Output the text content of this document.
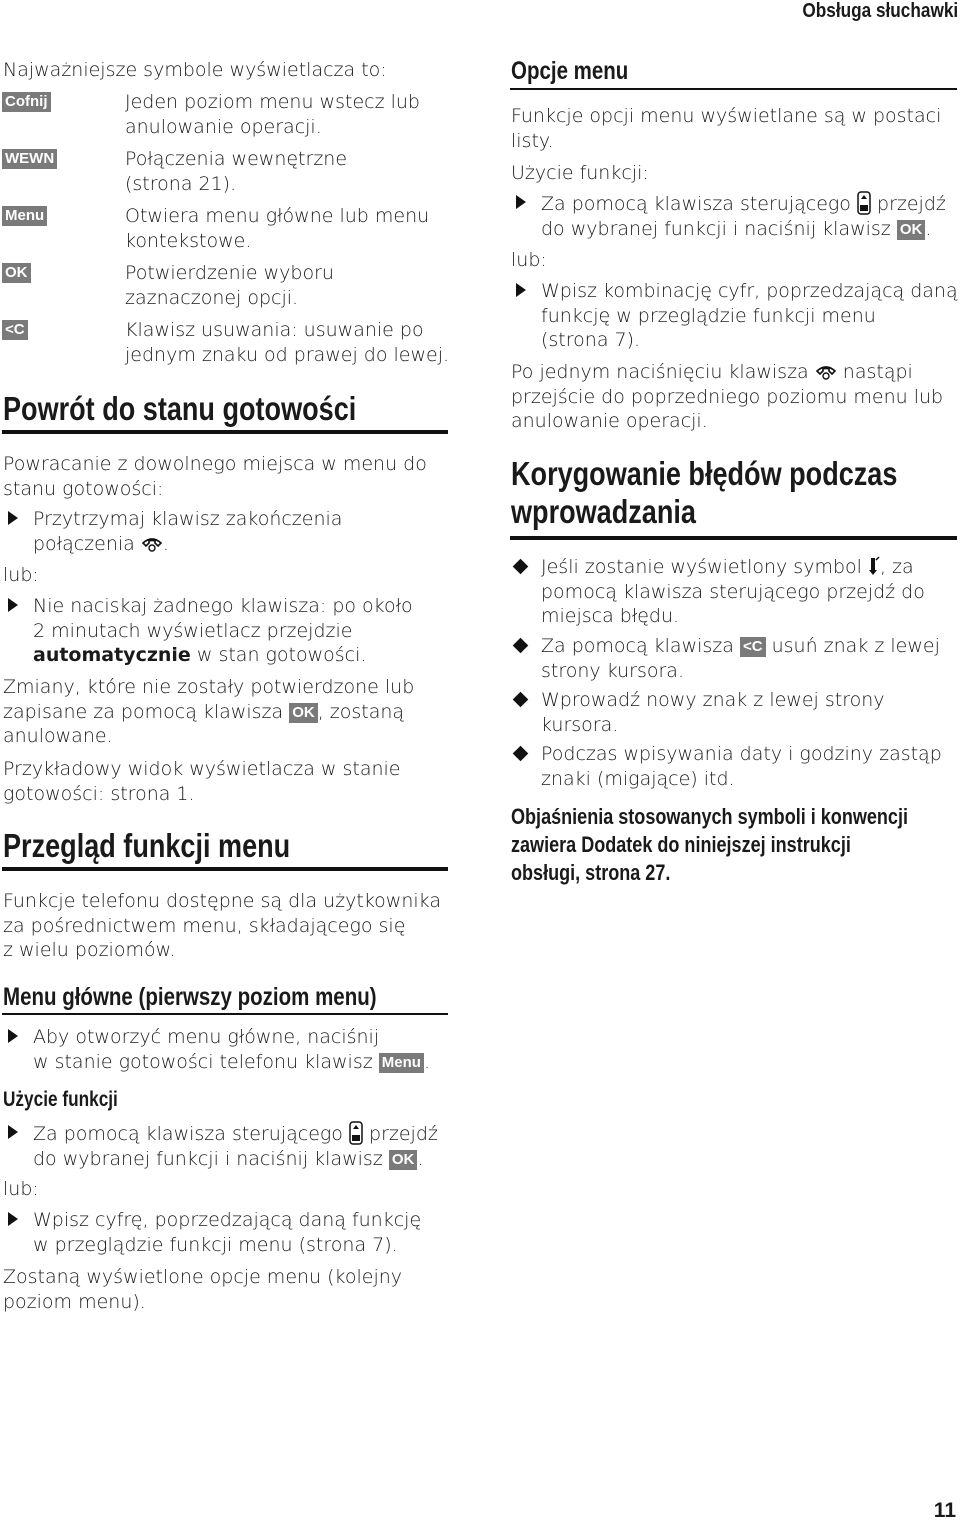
Obsługa słuchawki
Najważniejsze symbole wyświetlacza to:
Cofnij	Jeden poziom menu wstecz lub
anulowanie operacji.
WEWN	Połączenia wewnętrzne
(strona 21).
Menu	Otwiera menu główne lub menu
kontekstowe.
OK	Potwierdzenie wyboru
zaznaczonej opcji.
<C	Klawisz usuwania: usuwanie po
jednym znaku od prawej do lewej.
Powrót do stanu gotowości
Powracanie z dowolnego miejsca w menu do
stanu gotowości:
Przytrzymaj klawisz zakończenia
połączenia .
lub:
Nie naciskaj żadnego klawisza: po około
2 minutach wyświetlacz przejdzie
automatycznie w stan gotowości.
Zmiany, które nie zostały potwierdzone lub
zapisane za pomocą klawisza OK , zostaną
anulowane.
Przykładowy widok wyświetlacza w stanie
gotowości: strona 1.
Przegląd funkcji menu
Funkcje telefonu dostępne są dla użytkownika
za pośrednictwem menu, składającego się
z wielu poziomów.
Menu główne (pierwszy poziom menu)
Aby otworzyć menu główne, naciśnij
w stanie gotowości telefonu klawisz Menu .
Użycie funkcji
Za pomocą klawisza sterującego przejdź
do wybranej funkcji i naciśnij klawisz OK .
lub:
Wpisz cyfrę, poprzedzającą daną funkcję
w przeglądzie funkcji menu (strona 7).
Zostaną wyświetlone opcje menu (kolejny
poziom menu).
Opcje menu
Funkcje opcji menu wyświetlane są w postaci
listy.
Użycie funkcji:
Za pomocą klawisza sterującego przejdź
do wybranej funkcji i naciśnij klawisz OK .
lub:
Wpisz kombinację cyfr, poprzedzającą daną
funkcję w przeglądzie funkcji menu
(strona 7).
Po jednym naciśnięciu klawisza nastąpi
przejście do poprzedniego poziomu menu lub
anulowanie operacji.
Korygowanie błędów podczas
wprowadzania
Jeśli zostanie wyświetlony symbol , za
pomocą klawisza sterującego przejdź do
miejsca błędu.
Za pomocą klawisza <C usuń znak z lewej
strony kursora.
Wprowadź nowy znak z lewej strony
kursora.
Podczas wpisywania daty i godziny zastąp
znaki (migające) itd.
Objaśnienia stosowanych symboli i konwencji
zawiera Dodatek do niniejszej instrukcji
obsługi, strona 27.
11
